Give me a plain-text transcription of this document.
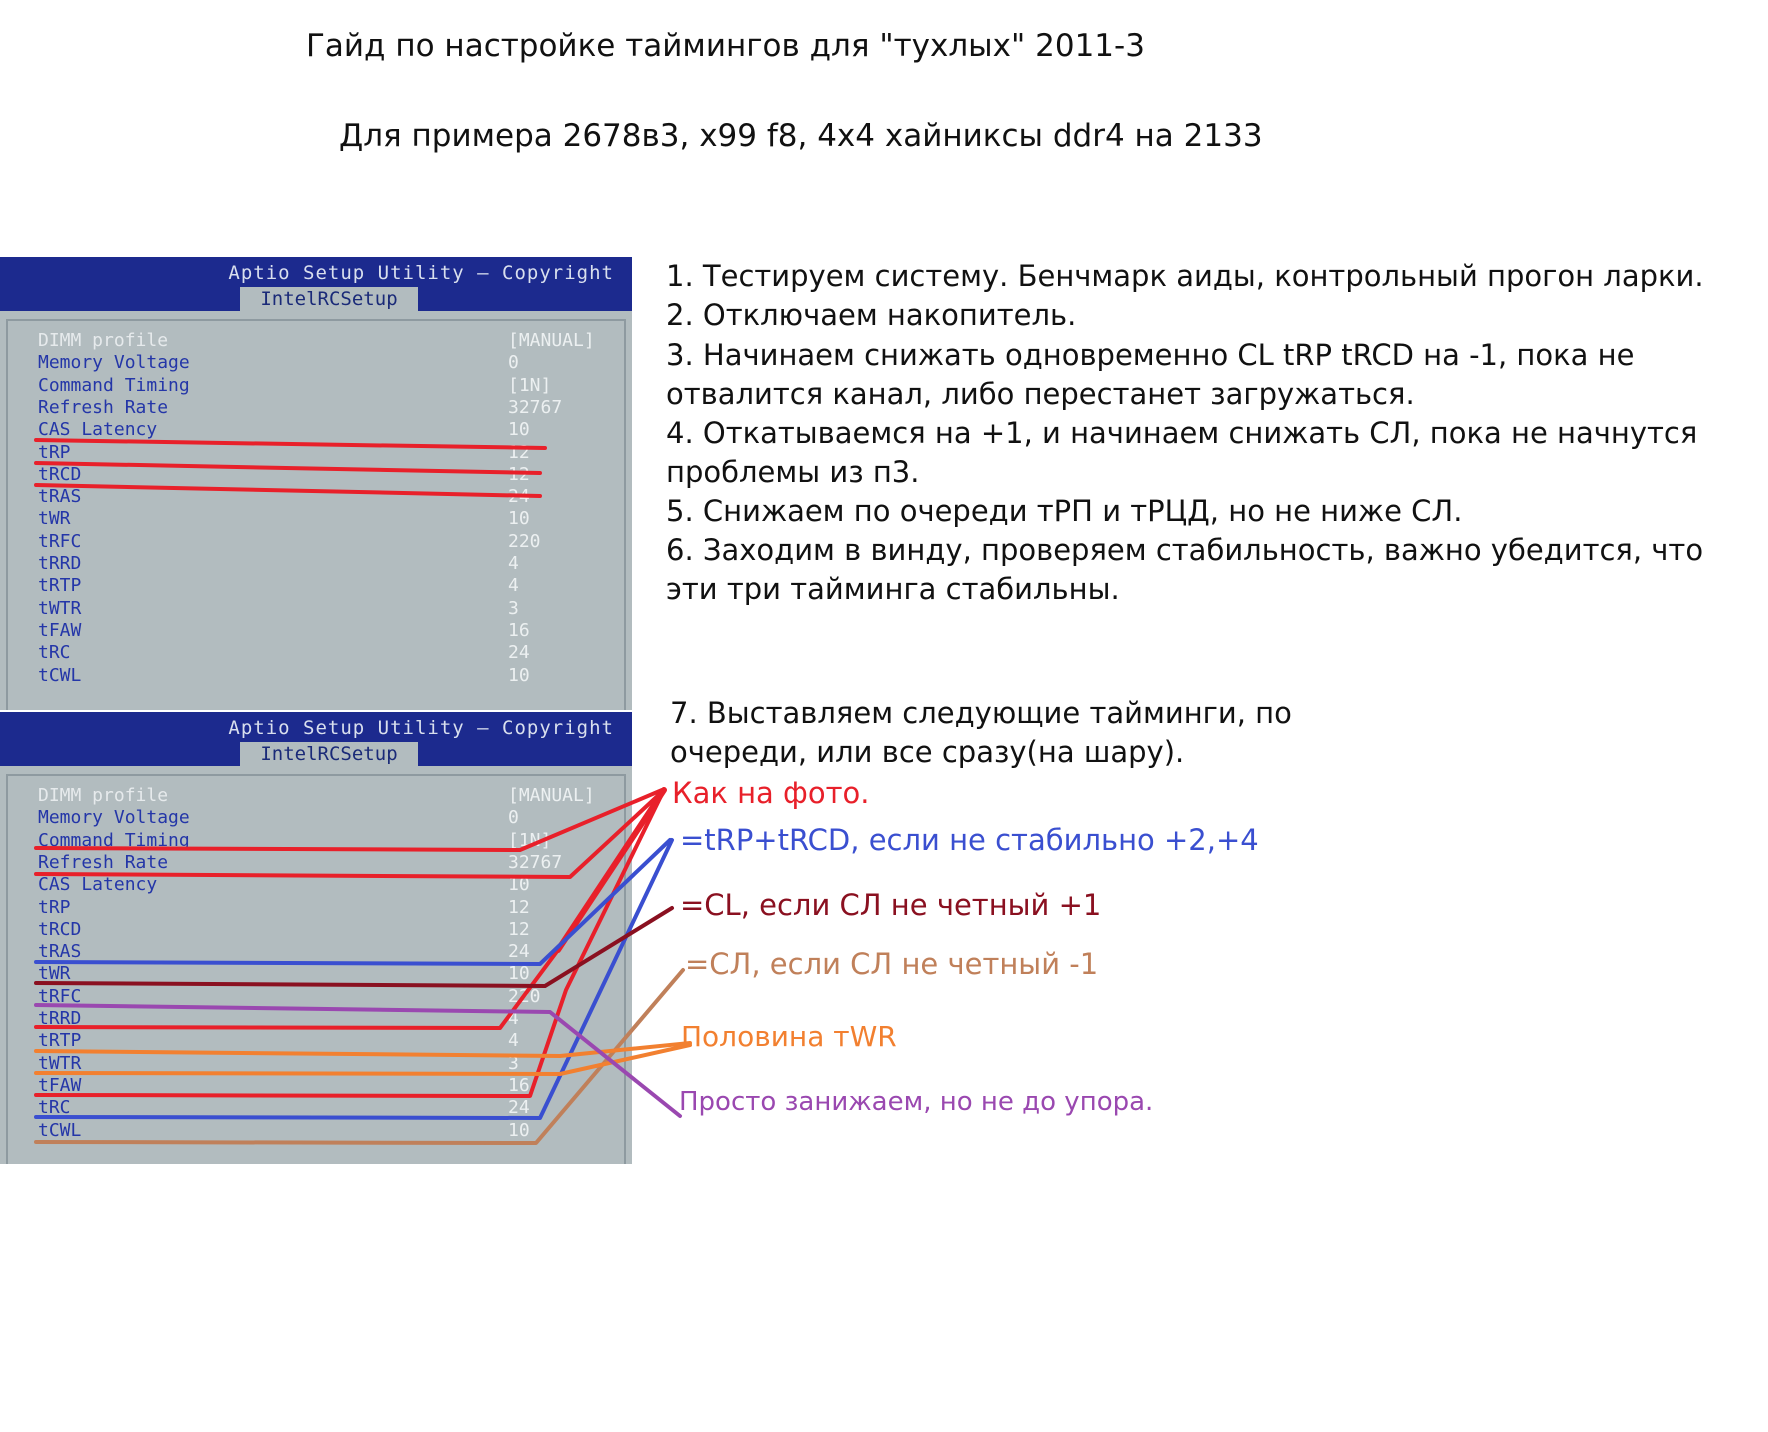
Гайд по настройке таймингов для "тухлых" 2011-3
Для примера 2678в3, x99 f8, 4x4 хайниксы ddr4 на 2133
Aptio Setup Utility – Copyright
IntelRCSetup
DIMM profile	[MANUAL]
Memory Voltage	0
Command Timing	[1N]
Refresh Rate	32767
CAS Latency	10
tRP	12
tRCD	12
tRAS	24
tWR	10
tRFC	220
tRRD	4
tRTP	4
tWTR	3
tFAW	16
tRC	24
tCWL	10
Aptio Setup Utility – Copyright
IntelRCSetup
DIMM profile	[MANUAL]
Memory Voltage	0
Command Timing	[1N]
Refresh Rate	32767
CAS Latency	10
tRP	12
tRCD	12
tRAS	24
tWR	10
tRFC	220
tRRD	4
tRTP	4
tWTR	3
tFAW	16
tRC	24
tCWL	10
1. Тестируем систему. Бенчмарк аиды, контрольный прогон ларки.
2. Отключаем накопитель.
3. Начинаем снижать одновременно CL tRP tRCD на -1, пока не
отвалится канал, либо перестанет загружаться.
4. Откатываемся на +1, и начинаем снижать СЛ, пока не начнутся
проблемы из п3.
5. Снижаем по очереди тРП и тРЦД, но не ниже СЛ.
6. Заходим в винду, проверяем стабильность, важно убедится, что
эти три тайминга стабильны.
7. Выставляем следующие тайминги, по
очереди, или все сразу(на шару).
Как на фото.
=tRP+tRCD, если не стабильно +2,+4
=CL, если СЛ не четный +1
=СЛ, если СЛ не четный -1
Половина тWR
Просто занижаем, но не до упора.
